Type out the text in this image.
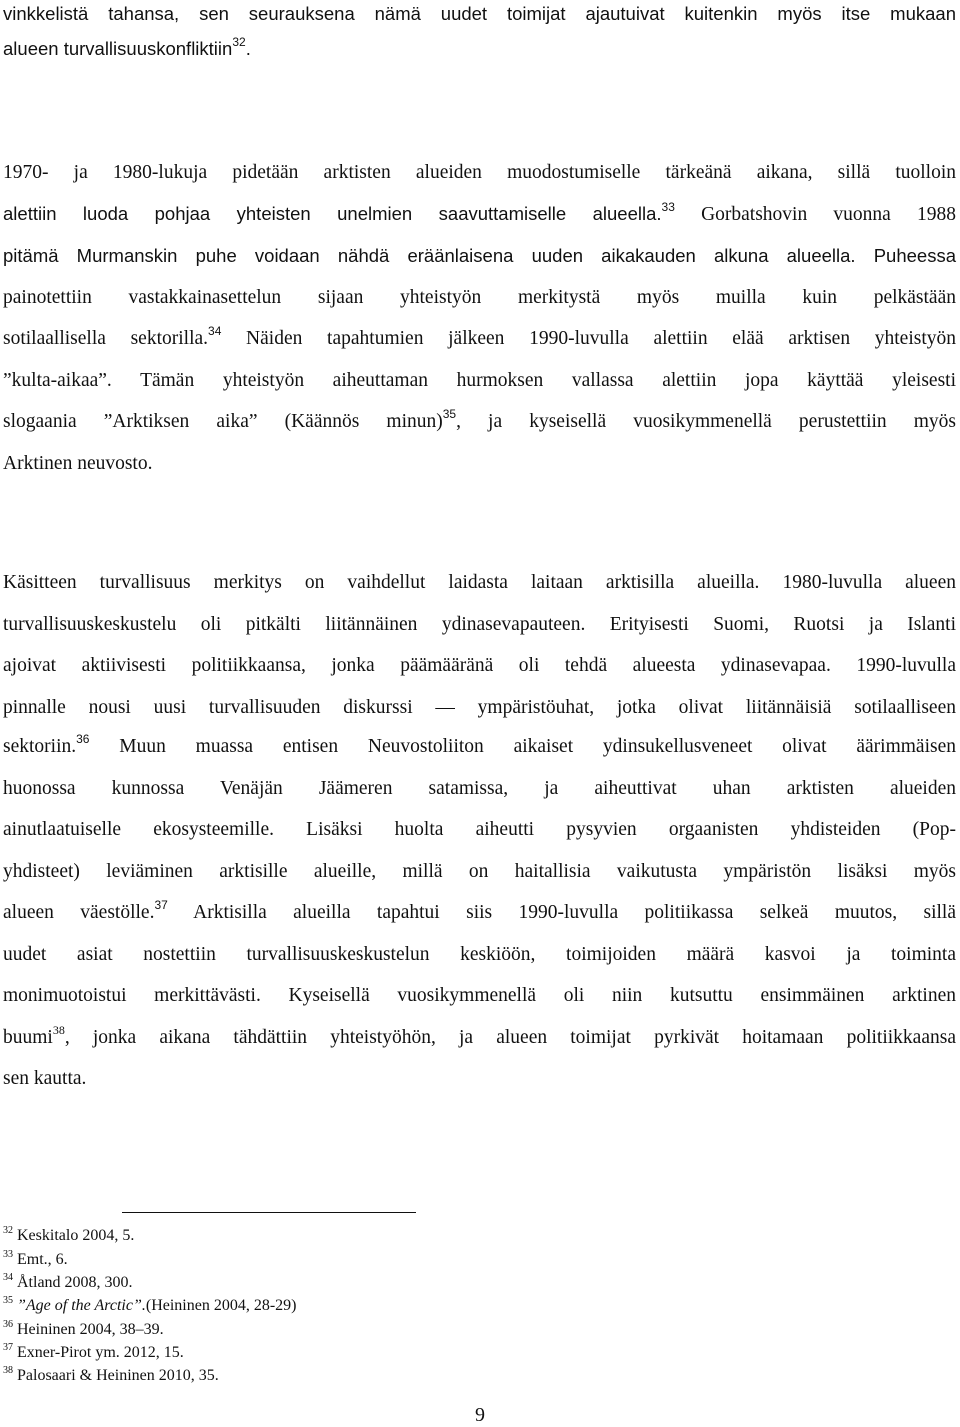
vinkkelistä tahansa, sen seurauksena nämä uudet toimijat ajautuivat kuitenkin myös itse mukaan

alueen turvallisuuskonfliktiin$^{32}$.

1970- ja 1980-lukuja pidetään arktisten alueiden muodostumiselle tärkeänä aikana, sillä tuolloin

alettiin luoda pohjaa yhteisten unelmien saavuttamiselle alueella.$^{33}$ Gorbatshovin vuonna 1988

pitämä Murmanskin puhe voidaan nähdä eräänlaisena uuden aikakauden alkuna alueella. Puheessa

painotettiin vastakkainasettelun sijaan yhteistyön merkitystä myös muilla kuin pelkästään

sotilaallisella sektorilla.$^{34}$ Näiden tapahtumien jälkeen 1990-luvulla alettiin elää arktisen yhteistyön

”kulta-aikaa”. Tämän yhteistyön aiheuttaman hurmoksen vallassa alettiin jopa käyttää yleisesti

slogaania ”Arktiksen aika” (Käännös minun)$^{35}$, ja kyseisellä vuosikymmenellä perustettiin myös

Arktinen neuvosto.

Käsitteen turvallisuus merkitys on vaihdellut laidasta laitaan arktisilla alueilla. 1980-luvulla alueen

turvallisuuskeskustelu oli pitkälti liitännäinen ydinasevapauteen. Erityisesti Suomi, Ruotsi ja Islanti

ajoivat aktiivisesti politiikkaansa, jonka päämääränä oli tehdä alueesta ydinasevapaa. 1990-luvulla

pinnalle nousi uusi turvallisuuden diskurssi — ympäristöuhat, jotka olivat liitännäisiä sotilaalliseen

sektoriin.$^{36}$ Muun muassa entisen Neuvostoliiton aikaiset ydinsukellusveneet olivat äärimmäisen

huonossa kunnossa Venäjän Jäämeren satamissa, ja aiheuttivat uhan arktisten alueiden

ainutlaatuiselle ekosysteemille. Lisäksi huolta aiheutti pysyvien orgaanisten yhdisteiden (Pop-

yhdisteet) leviäminen arktisille alueille, millä on haitallisia vaikutusta ympäristön lisäksi myös

alueen väestölle.$^{37}$ Arktisilla alueilla tapahtui siis 1990-luvulla politiikassa selkeä muutos, sillä

uudet asiat nostettiin turvallisuuskeskustelun keskiöön, toimijoiden määrä kasvoi ja toiminta

monimuotoistui merkittävästi. Kyseisellä vuosikymmenellä oli niin kutsuttu ensimmäinen arktinen

buumi$^{38}$, jonka aikana tähdättiin yhteistyöhön, ja alueen toimijat pyrkivät hoitamaan politiikkaansa

sen kautta.

$^{32}$ Keskitalo 2004, 5.

$^{33}$ Emt., 6.

$^{34}$ Åtland 2008, 300.

$^{35}$ ”Age of the Arctic”.(Heininen 2004, 28-29)

$^{36}$ Heininen 2004, 38–39.

$^{37}$ Exner-Pirot ym. 2012, 15.

$^{38}$ Palosaari & Heininen 2010, 35.

9
